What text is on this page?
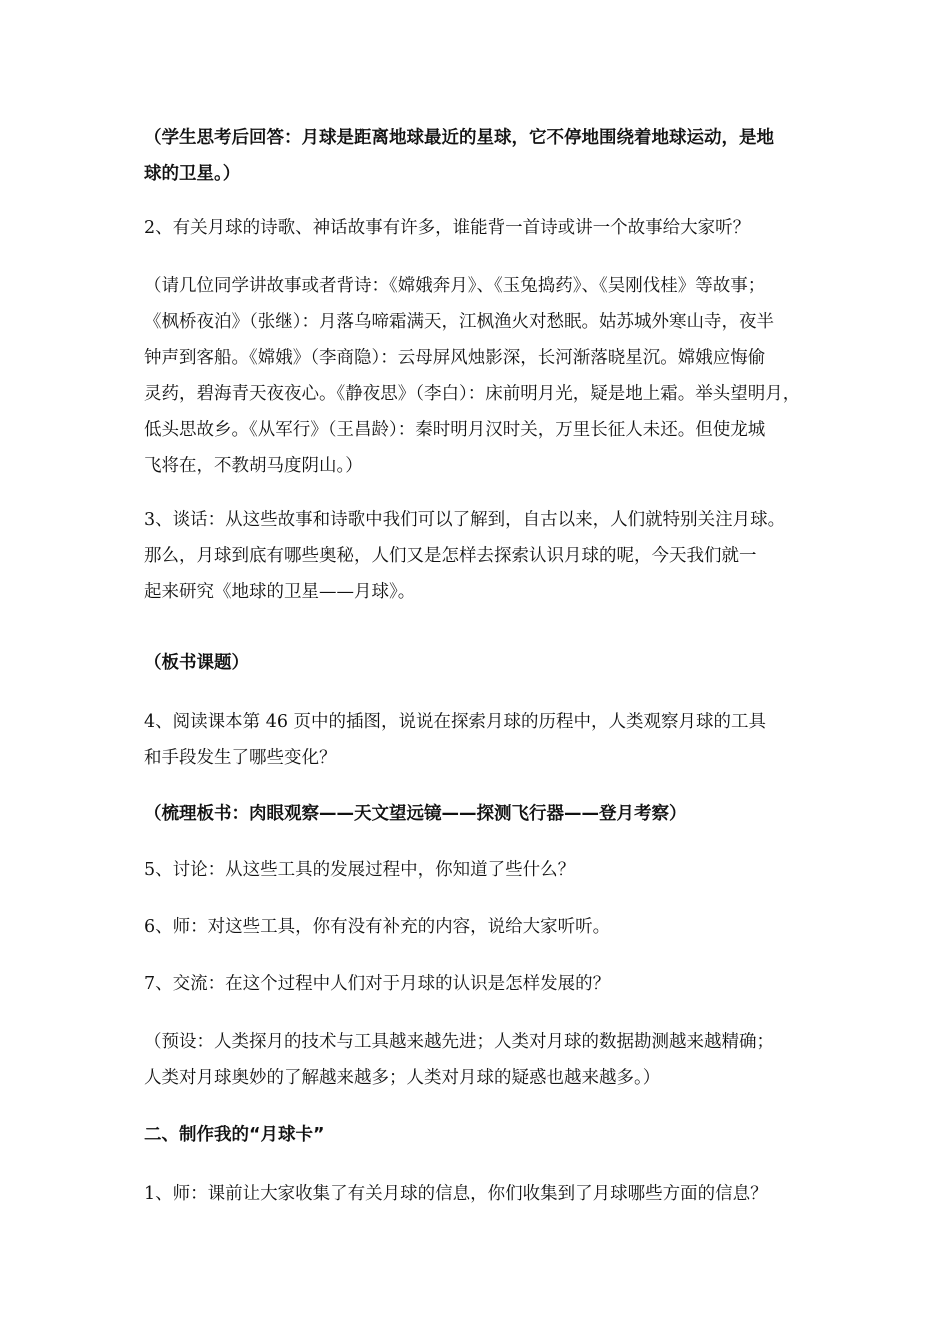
（学生思考后回答：月球是距离地球最近的星球，它不停地围绕着地球运动，是地
球的卫星。）

2、有关月球的诗歌、神话故事有许多，谁能背一首诗或讲一个故事给大家听？

（请几位同学讲故事或者背诗：《嫦娥奔月》、《玉兔捣药》、《吴刚伐桂》等故事；
《枫桥夜泊》（张继）：月落乌啼霜满天，江枫渔火对愁眠。姑苏城外寒山寺，夜半
钟声到客船。《嫦娥》（李商隐）：云母屏风烛影深，长河渐落晓星沉。嫦娥应悔偷
灵药，碧海青天夜夜心。《静夜思》（李白）：床前明月光，疑是地上霜。举头望明月，
低头思故乡。《从军行》（王昌龄）：秦时明月汉时关，万里长征人未还。但使龙城
飞将在，不教胡马度阴山。）

3、谈话：从这些故事和诗歌中我们可以了解到，自古以来，人们就特别关注月球。
那么，月球到底有哪些奥秘，人们又是怎样去探索认识月球的呢，今天我们就一
起来研究《地球的卫星——月球》。

（板书课题）

4、阅读课本第 46 页中的插图，说说在探索月球的历程中，人类观察月球的工具
和手段发生了哪些变化？

（梳理板书：肉眼观察——天文望远镜——探测飞行器——登月考察）

5、讨论：从这些工具的发展过程中，你知道了些什么？

6、师：对这些工具，你有没有补充的内容，说给大家听听。

7、交流：在这个过程中人们对于月球的认识是怎样发展的？

（预设：人类探月的技术与工具越来越先进；人类对月球的数据勘测越来越精确；
人类对月球奥妙的了解越来越多；人类对月球的疑惑也越来越多。）

二、制作我的“月球卡”

1、师：课前让大家收集了有关月球的信息，你们收集到了月球哪些方面的信息？
